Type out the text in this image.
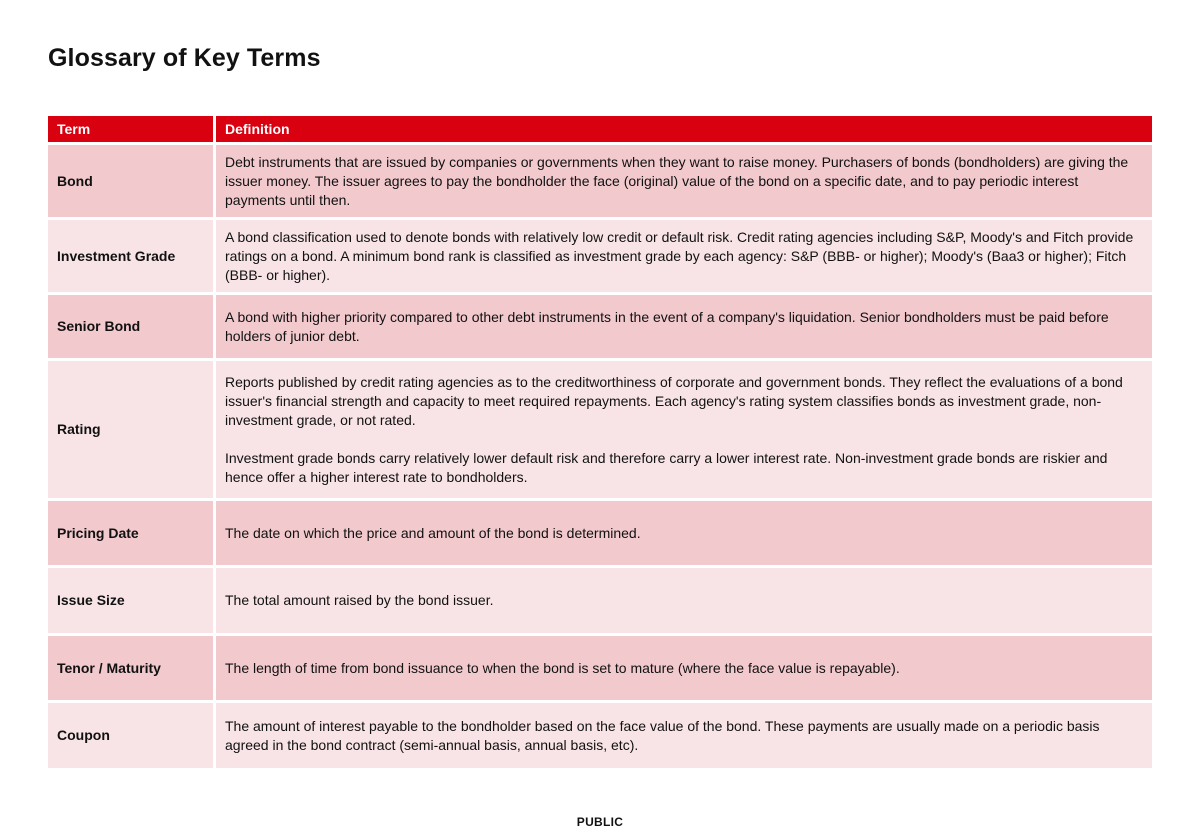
Glossary of Key Terms
Term	Definition
Bond	Debt instruments that are issued by companies or governments when they want to raise money. Purchasers of bonds (bondholders) are giving the issuer money. The issuer agrees to pay the bondholder the face (original) value of the bond on a specific date, and to pay periodic interest payments until then.

Investment Grade	A bond classification used to denote bonds with relatively low credit or default risk. Credit rating agencies including S&P, Moody's and Fitch provide ratings on a bond. A minimum bond rank is classified as investment grade by each agency: S&P (BBB- or higher); Moody's (Baa3 or higher); Fitch (BBB- or higher).

Senior Bond	A bond with higher priority compared to other debt instruments in the event of a company's liquidation. Senior bondholders must be paid before holders of junior debt.

Rating	Reports published by credit rating agencies as to the creditworthiness of corporate and government bonds. They reflect the evaluations of a bond issuer's financial strength and capacity to meet required repayments. Each agency's rating system classifies bonds as investment grade, non-investment grade, or not rated.

Investment grade bonds carry relatively lower default risk and therefore carry a lower interest rate. Non-investment grade bonds are riskier and hence offer a higher interest rate to bondholders.

Pricing Date	The date on which the price and amount of the bond is determined.

Issue Size	The total amount raised by the bond issuer.

Tenor / Maturity	The length of time from bond issuance to when the bond is set to mature (where the face value is repayable).

Coupon	The amount of interest payable to the bondholder based on the face value of the bond. These payments are usually made on a periodic basis agreed in the bond contract (semi-annual basis, annual basis, etc).

PUBLIC
